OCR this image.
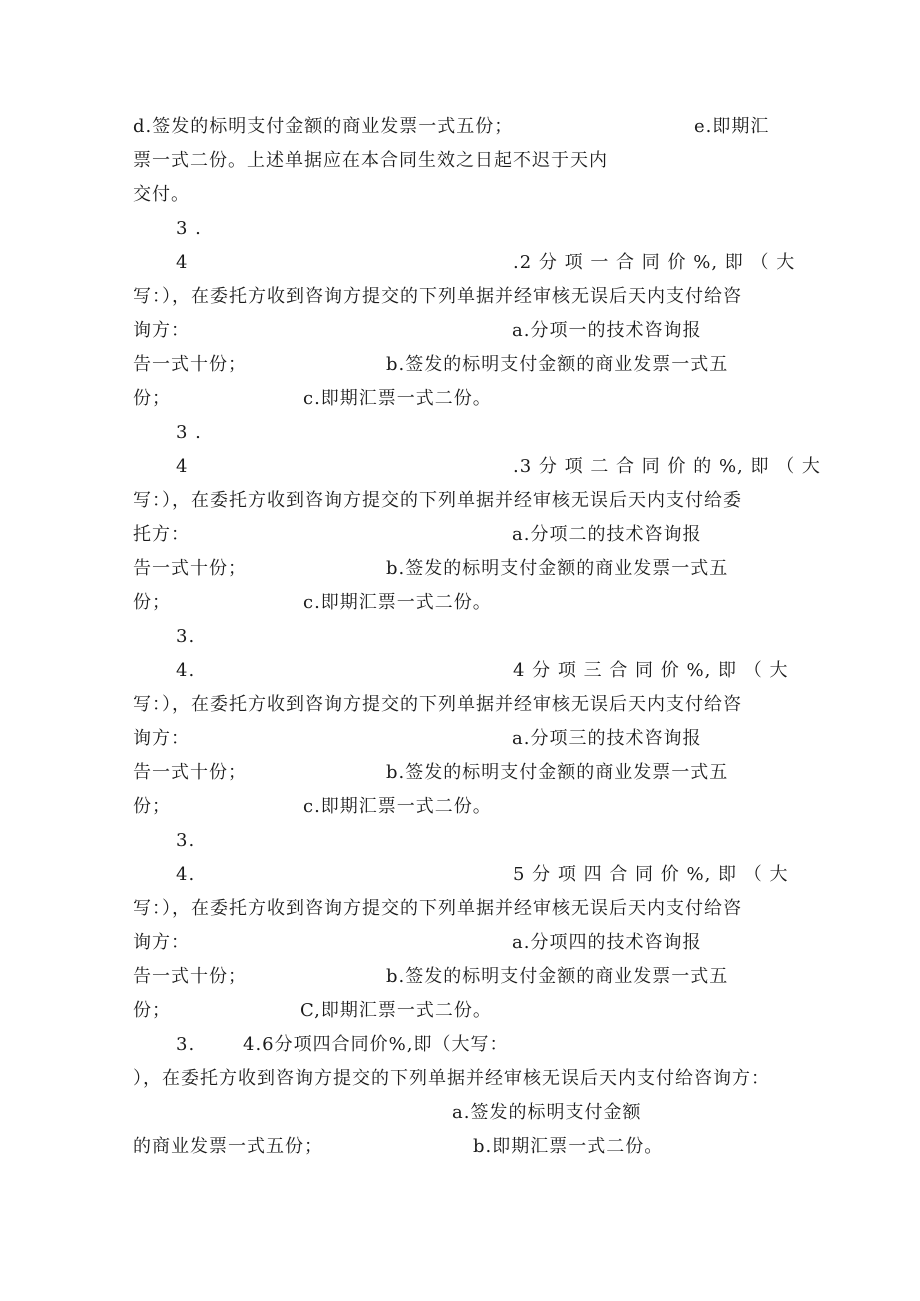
d.签发的标明支付金额的商业发票一式五份；	e.即期汇
票一式二份。上述单据应在本合同生效之日起不迟于天内
交付。
3 .
4	.2 分 项 一 合 同 价 %, 即 （ 大
写：），在委托方收到咨询方提交的下列单据并经审核无误后天内支付给咨
询方：	a.分项一的技术咨询报
告一式十份；	b.签发的标明支付金额的商业发票一式五
份；	c.即期汇票一式二份。
3 .
4	.3 分 项 二 合 同 价 的 %, 即 （ 大
写：），在委托方收到咨询方提交的下列单据并经审核无误后天内支付给委
托方：	a.分项二的技术咨询报
告一式十份；	b.签发的标明支付金额的商业发票一式五
份；	c.即期汇票一式二份。
3.
4.	4 分 项 三 合 同 价 %, 即 （ 大
写：），在委托方收到咨询方提交的下列单据并经审核无误后天内支付给咨
询方：	a.分项三的技术咨询报
告一式十份；	b.签发的标明支付金额的商业发票一式五
份；	c.即期汇票一式二份。
3.
4.	5 分 项 四 合 同 价 %, 即 （ 大
写：），在委托方收到咨询方提交的下列单据并经审核无误后天内支付给咨
询方：	a.分项四的技术咨询报
告一式十份；	b.签发的标明支付金额的商业发票一式五
份；	C,即期汇票一式二份。
3.	4.6分项四合同价%,即（大写：
），在委托方收到咨询方提交的下列单据并经审核无误后天内支付给咨询方：
a.签发的标明支付金额
的商业发票一式五份；	b.即期汇票一式二份。
